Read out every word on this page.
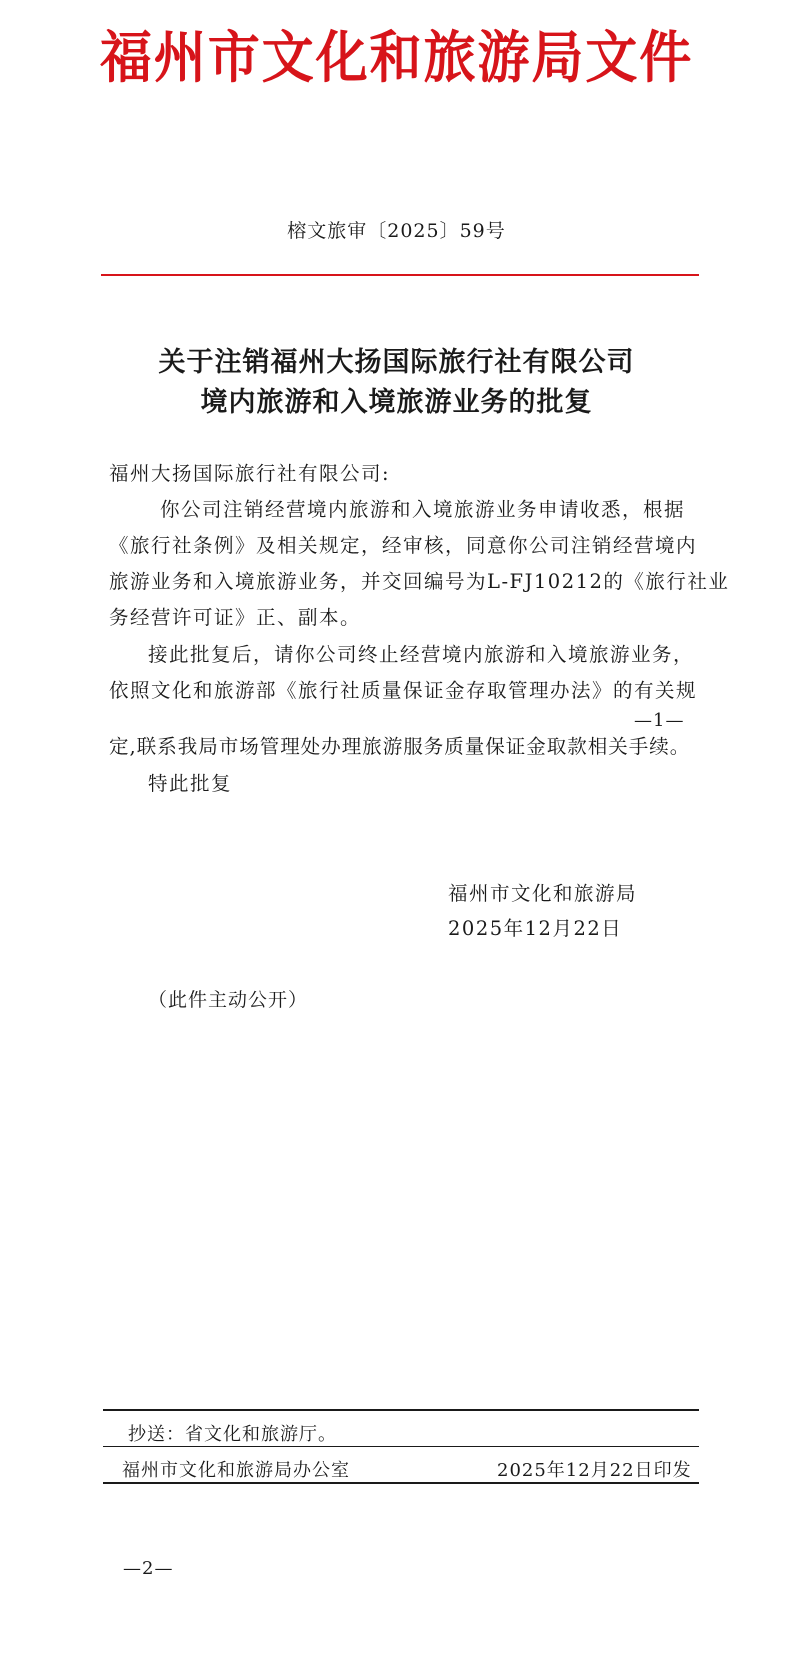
福州市文化和旅游局文件
榕文旅审〔2025〕59号
关于注销福州大扬国际旅行社有限公司
境内旅游和入境旅游业务的批复
福州大扬国际旅行社有限公司:
你公司注销经营境内旅游和入境旅游业务申请收悉，根据
《旅行社条例》及相关规定，经审核，同意你公司注销经营境内
旅游业务和入境旅游业务，并交回编号为L-FJ10212的《旅行社业
务经营许可证》正、副本。
接此批复后，请你公司终止经营境内旅游和入境旅游业务，
依照文化和旅游部《旅行社质量保证金存取管理办法》的有关规
—1—
定,联系我局市场管理处办理旅游服务质量保证金取款相关手续。
特此批复
福州市文化和旅游局
2025年12月22日
（此件主动公开）
抄送：省文化和旅游厅。
福州市文化和旅游局办公室	2025年12月22日印发
—2—
